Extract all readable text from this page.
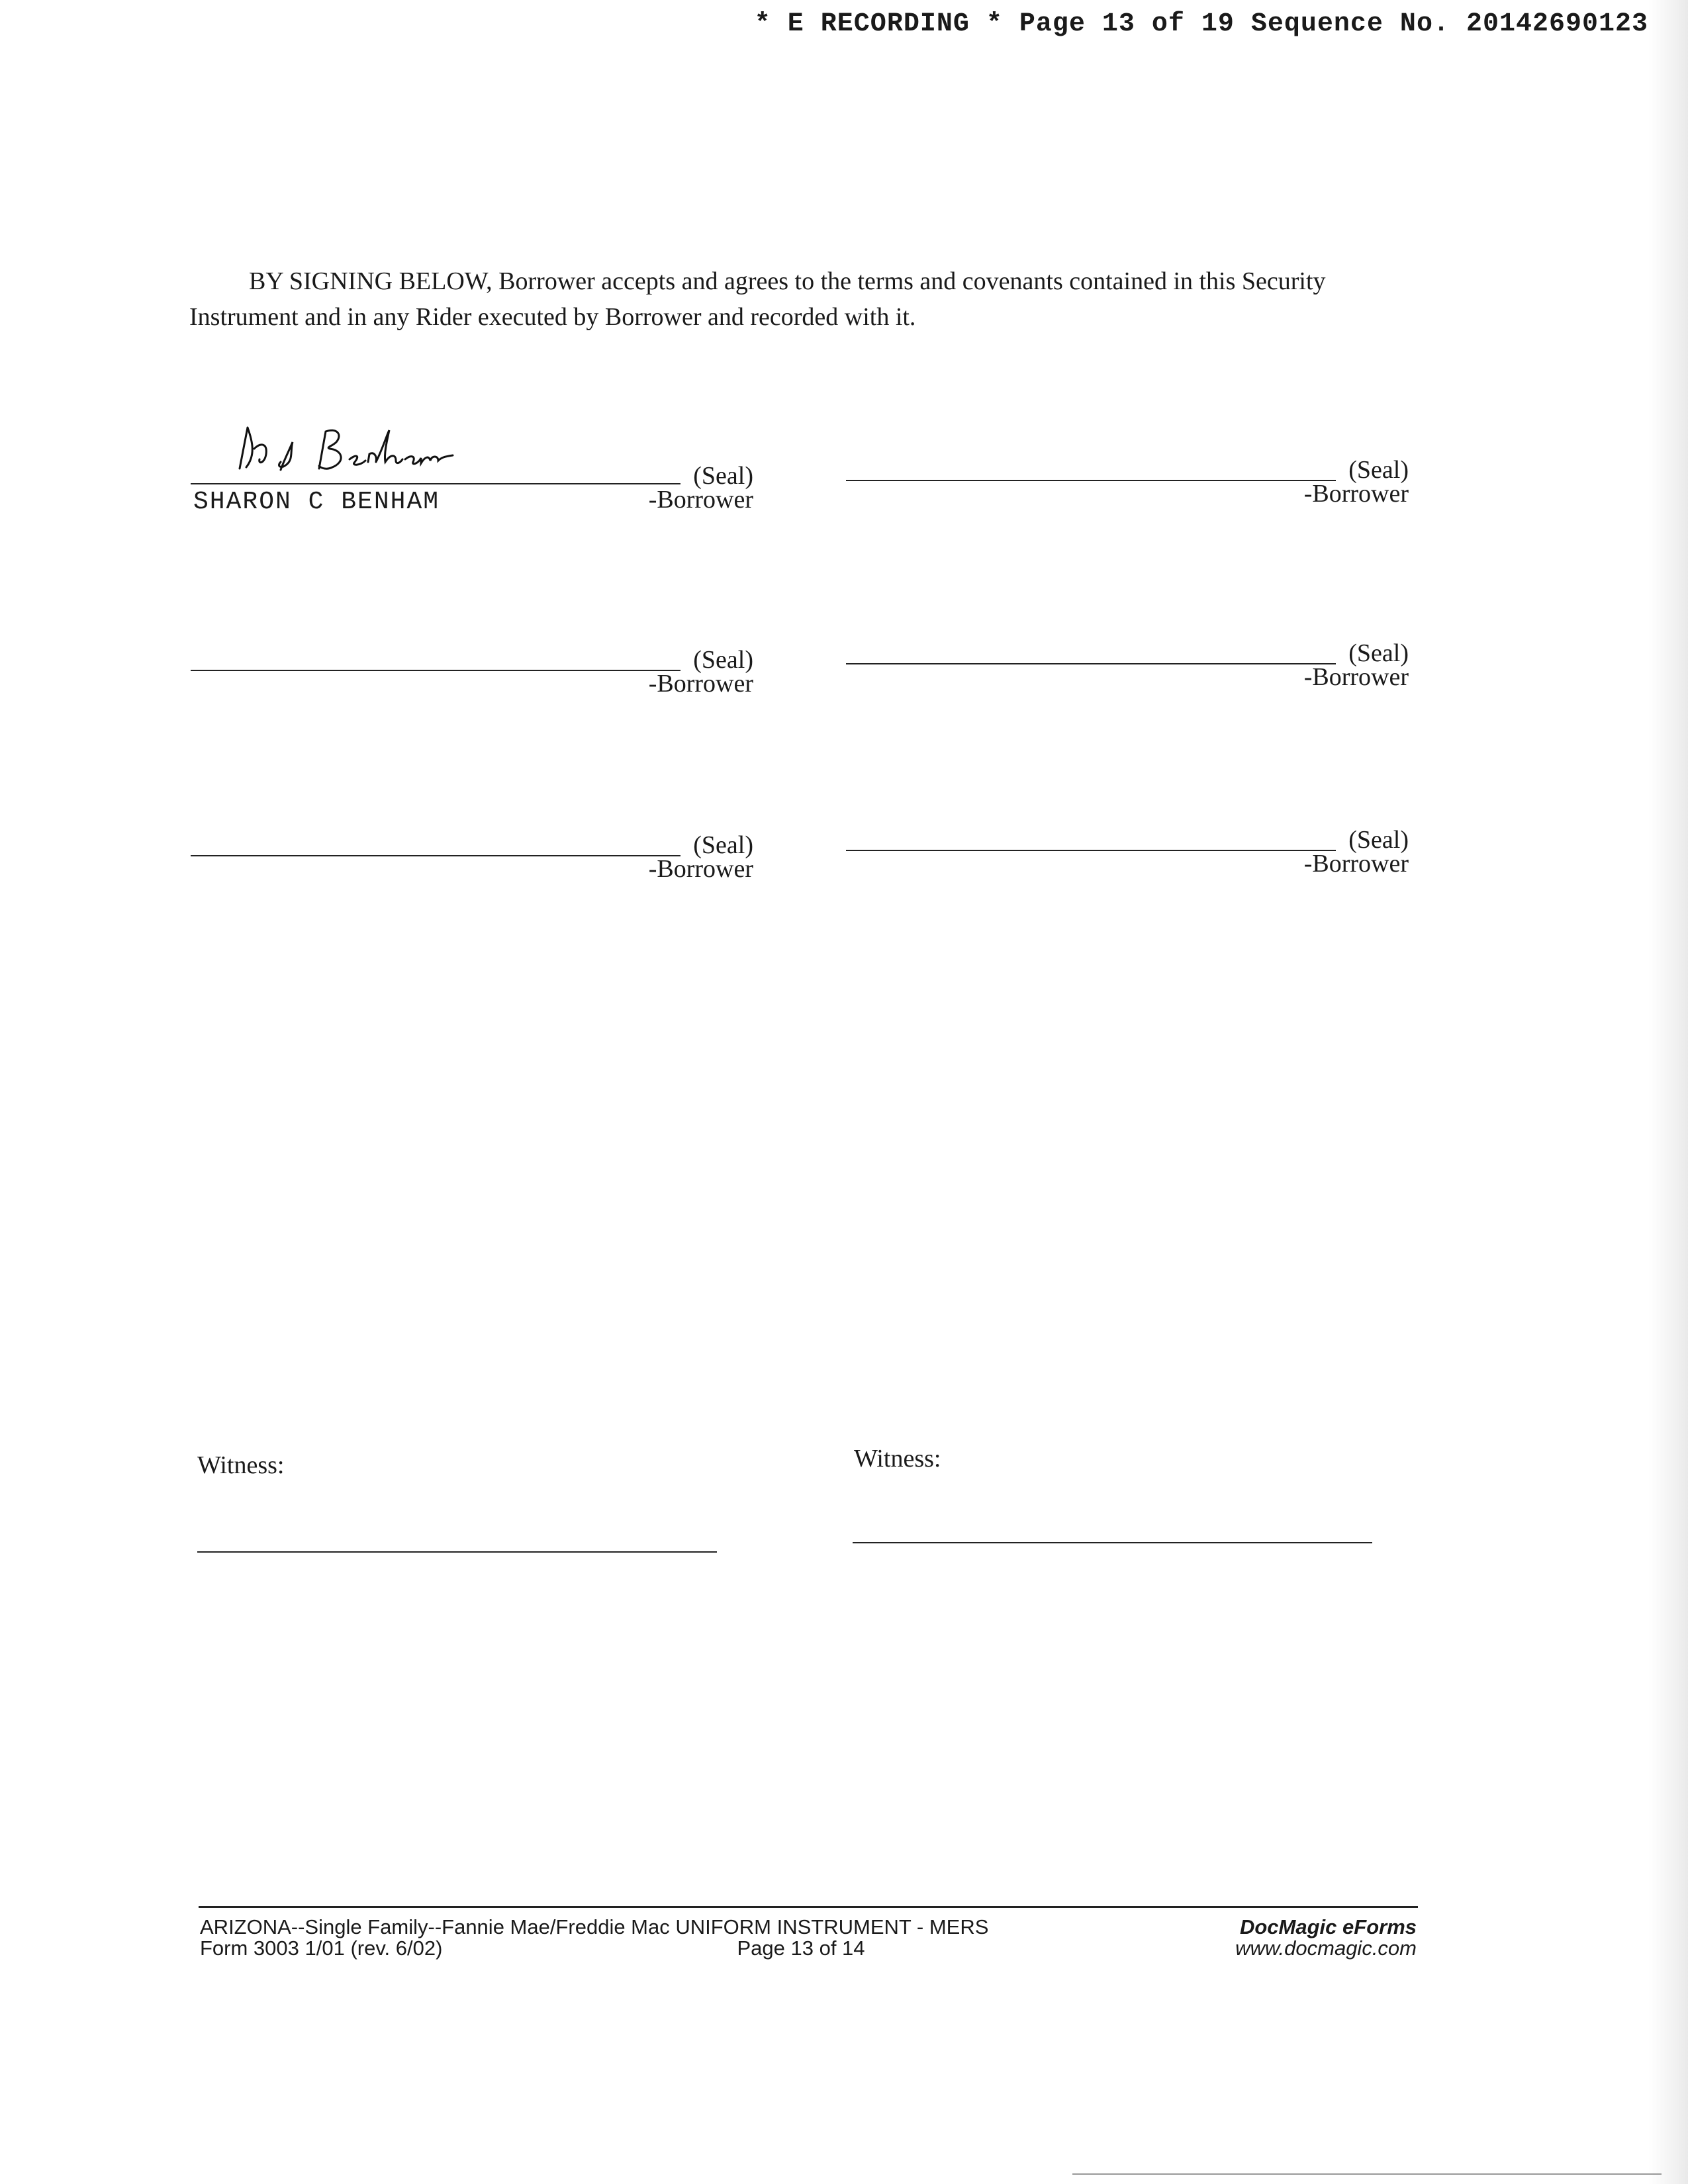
* E RECORDING * Page 13 of 19 Sequence No. 20142690123

BY SIGNING BELOW, Borrower accepts and agrees to the terms and covenants contained in this Security Instrument and in any Rider executed by Borrower and recorded with it.

(Seal)
-Borrower
SHARON C BENHAM
(Seal)
-Borrower
(Seal)
-Borrower
(Seal)
-Borrower
(Seal)
-Borrower
(Seal)
-Borrower
Witness:	Witness:
ARIZONA--Single Family--Fannie Mae/Freddie Mac UNIFORM INSTRUMENT - MERS
Form 3003 1/01 (rev. 6/02)	Page 13 of 14
DocMagic eForms
www.docmagic.com
